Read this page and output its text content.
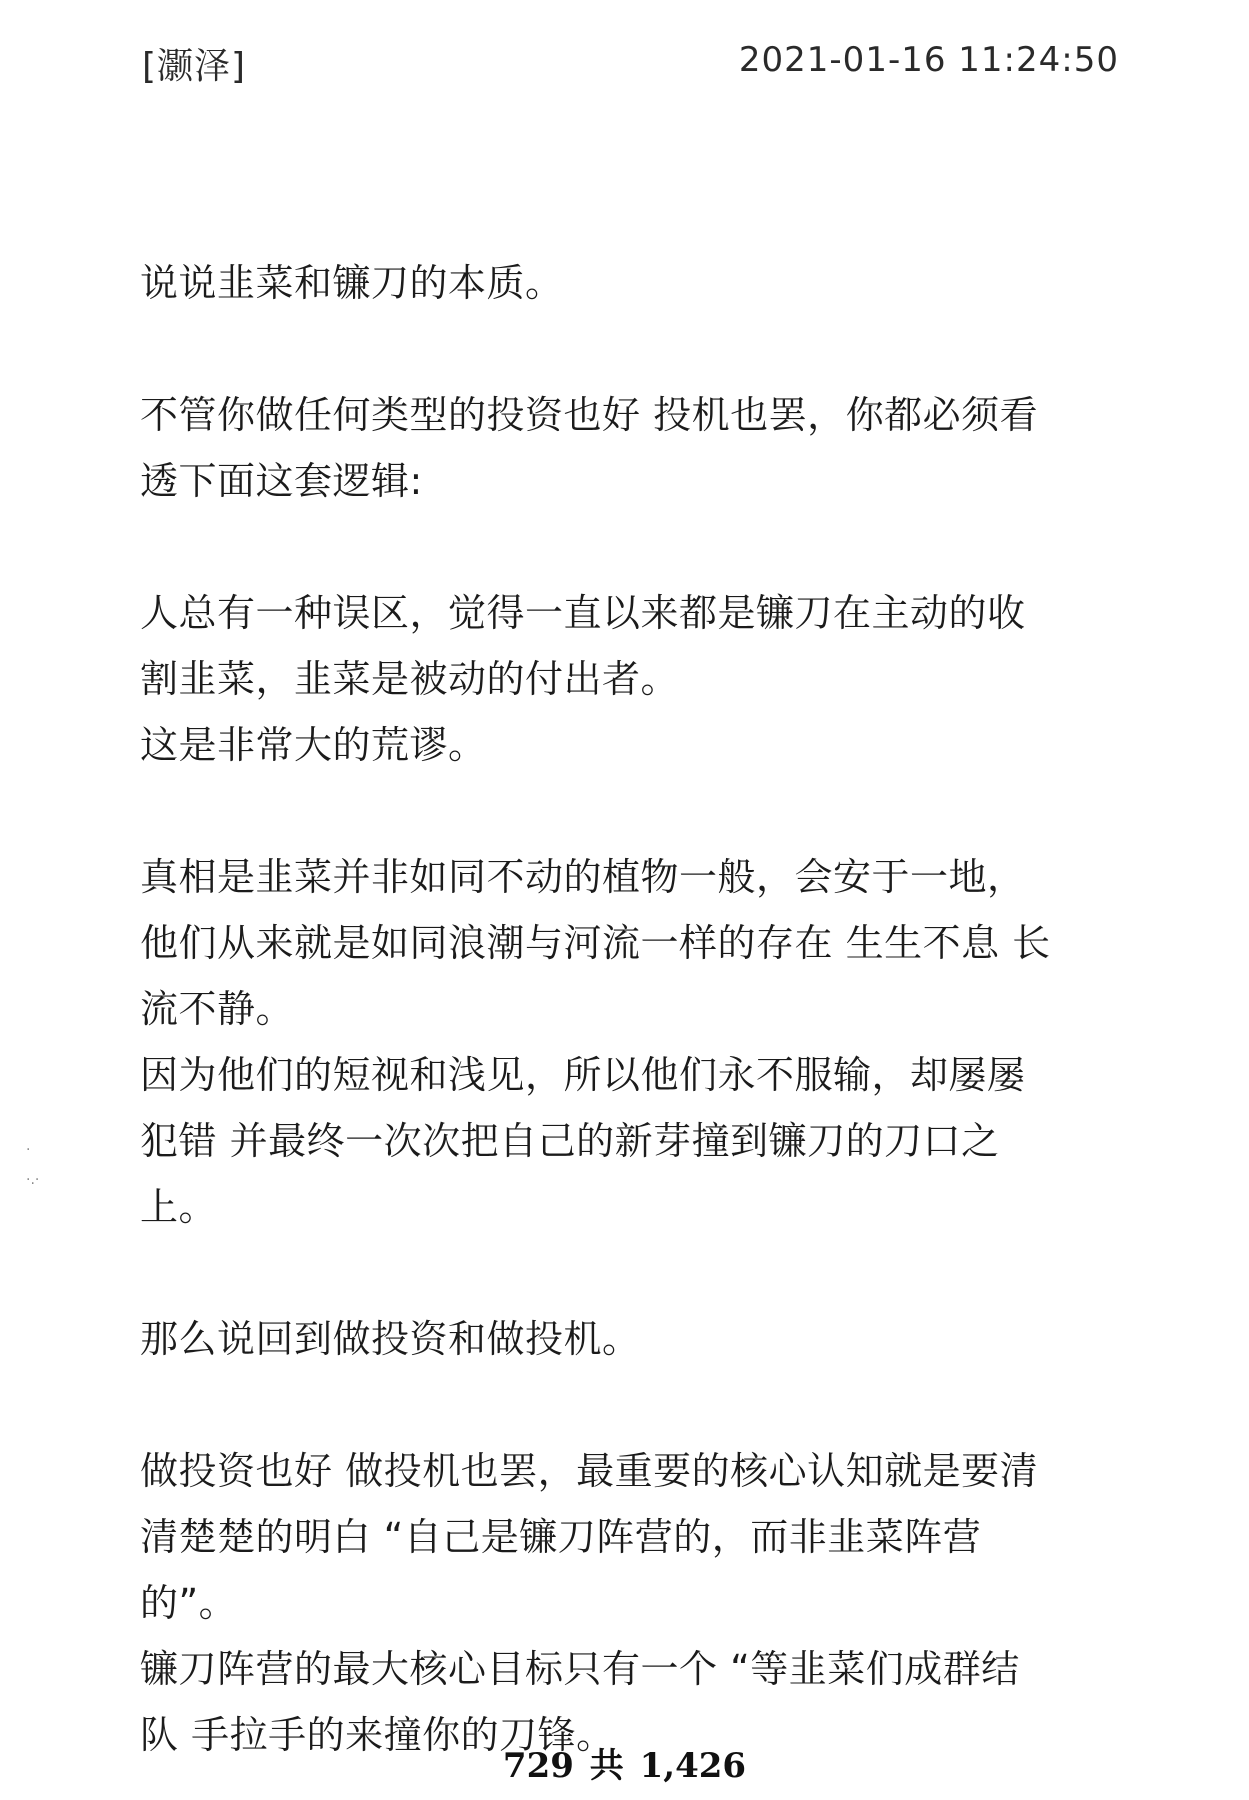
[灏泽]	2021-01-16 11:24:50
说说韭菜和镰刀的本质。
不管你做任何类型的投资也好 投机也罢，你都必须看
透下面这套逻辑:
人总有一种误区，觉得一直以来都是镰刀在主动的收
割韭菜，韭菜是被动的付出者。
这是非常大的荒谬。
真相是韭菜并非如同不动的植物一般，会安于一地，
他们从来就是如同浪潮与河流一样的存在 生生不息 长
流不静。
因为他们的短视和浅见，所以他们永不服输，却屡屡
犯错 并最终一次次把自己的新芽撞到镰刀的刀口之
上。
那么说回到做投资和做投机。
做投资也好 做投机也罢，最重要的核心认知就是要清
清楚楚的明白 “自己是镰刀阵营的，而非韭菜阵营
的”。
镰刀阵营的最大核心目标只有一个 “等韭菜们成群结
队 手拉手的来撞你的刀锋。
·
·.·
729 共 1,426
